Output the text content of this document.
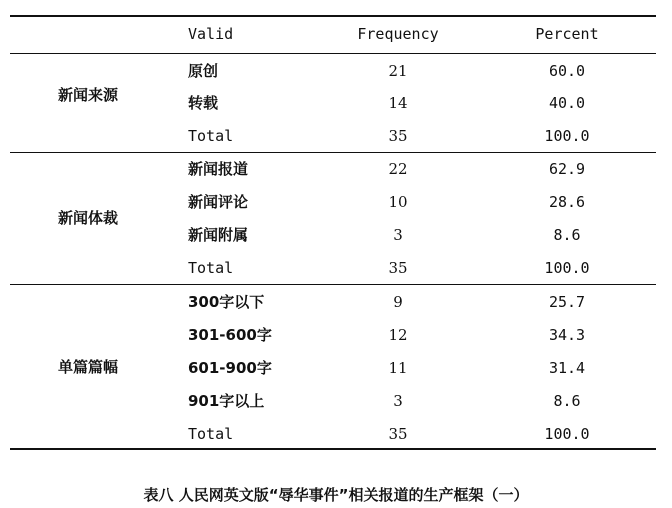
Valid	Frequency	Percent
新闻来源
原创	21	60.0
转载	14	40.0
Total	35	100.0
新闻体裁
新闻报道	22	62.9
新闻评论	10	28.6
新闻附属	3	8.6
Total	35	100.0
单篇篇幅
300字以下	9	25.7
301-600字	12	34.3
601-900字	11	31.4
901字以上	3	8.6
Total	35	100.0
表八 人民网英文版“辱华事件”相关报道的生产框架（一）
